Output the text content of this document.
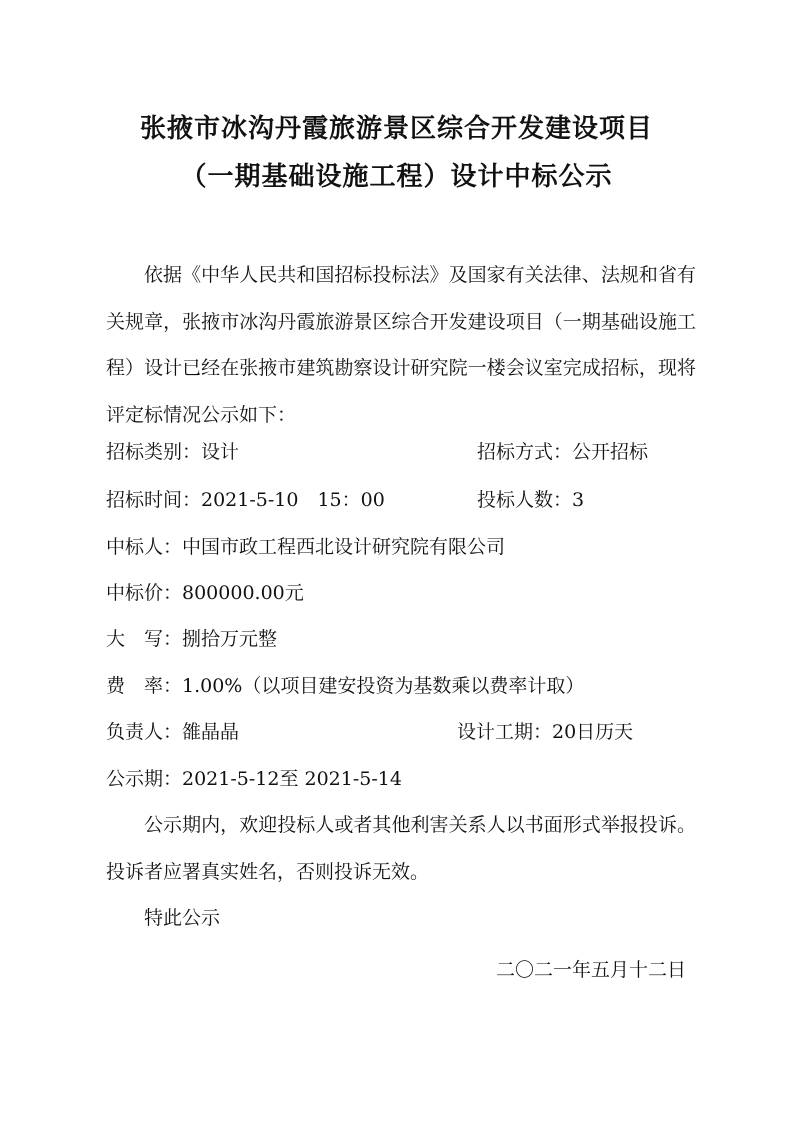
张掖市冰沟丹霞旅游景区综合开发建设项目
（一期基础设施工程）设计中标公示

依据《中华人民共和国招标投标法》及国家有关法律、法规和省有关规章，张掖市冰沟丹霞旅游景区综合开发建设项目（一期基础设施工程）设计已经在张掖市建筑勘察设计研究院一楼会议室完成招标，现将评定标情况公示如下：

招标类别：设计	招标方式：公开招标
招标时间：2021-5-10　15：00	投标人数：3
中标人：中国市政工程西北设计研究院有限公司
中标价：800000.00元
大　写：捌拾万元整
费　率：1.00%（以项目建安投资为基数乘以费率计取）
负责人：雒晶晶	设计工期：20日历天
公示期：2021-5-12至 2021-5-14

公示期内，欢迎投标人或者其他利害关系人以书面形式举报投诉。投诉者应署真实姓名，否则投诉无效。

特此公示
二〇二一年五月十二日
